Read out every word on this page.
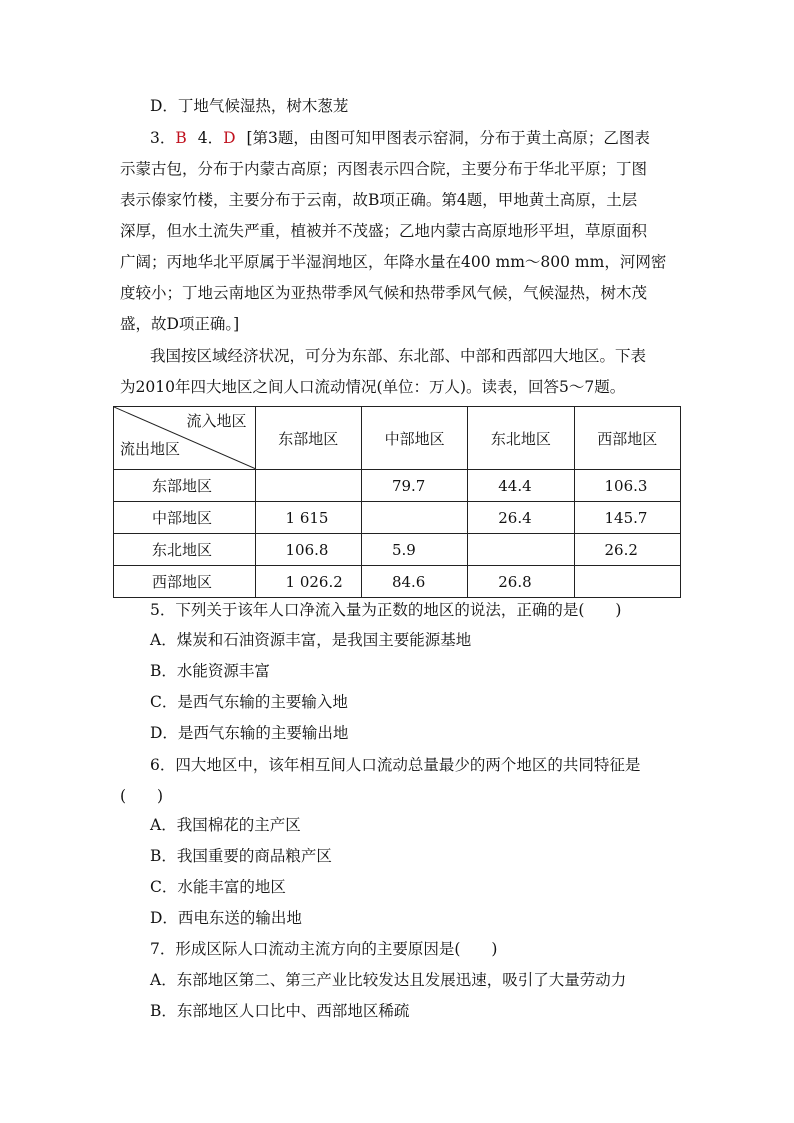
D．丁地气候湿热，树木葱茏
3．B 4．D [第3题，由图可知甲图表示窑洞，分布于黄土高原；乙图表
示蒙古包，分布于内蒙古高原；丙图表示四合院，主要分布于华北平原；丁图
表示傣家竹楼，主要分布于云南，故B项正确。第4题，甲地黄土高原，土层
深厚，但水土流失严重，植被并不茂盛；乙地内蒙古高原地形平坦，草原面积
广阔；丙地华北平原属于半湿润地区，年降水量在400 mm～800 mm，河网密
度较小；丁地云南地区为亚热带季风气候和热带季风气候，气候湿热，树木茂
盛，故D项正确。]
我国按区域经济状况，可分为东部、东北部、中部和西部四大地区。下表
为2010年四大地区之间人口流动情况(单位：万人)。读表，回答5～7题。
流入地区
流出地区	东部地区	中部地区	东北地区	西部地区
东部地区		79.7	44.4	106.3
中部地区	1 615		26.4	145.7
东北地区	106.8	5.9		26.2
西部地区	1 026.2	84.6	26.8	
5．下列关于该年人口净流入量为正数的地区的说法，正确的是(　　)
A．煤炭和石油资源丰富，是我国主要能源基地
B．水能资源丰富
C．是西气东输的主要输入地
D．是西气东输的主要输出地
6．四大地区中，该年相互间人口流动总量最少的两个地区的共同特征是
(　　)
A．我国棉花的主产区
B．我国重要的商品粮产区
C．水能丰富的地区
D．西电东送的输出地
7．形成区际人口流动主流方向的主要原因是(　　)
A．东部地区第二、第三产业比较发达且发展迅速，吸引了大量劳动力
B．东部地区人口比中、西部地区稀疏
